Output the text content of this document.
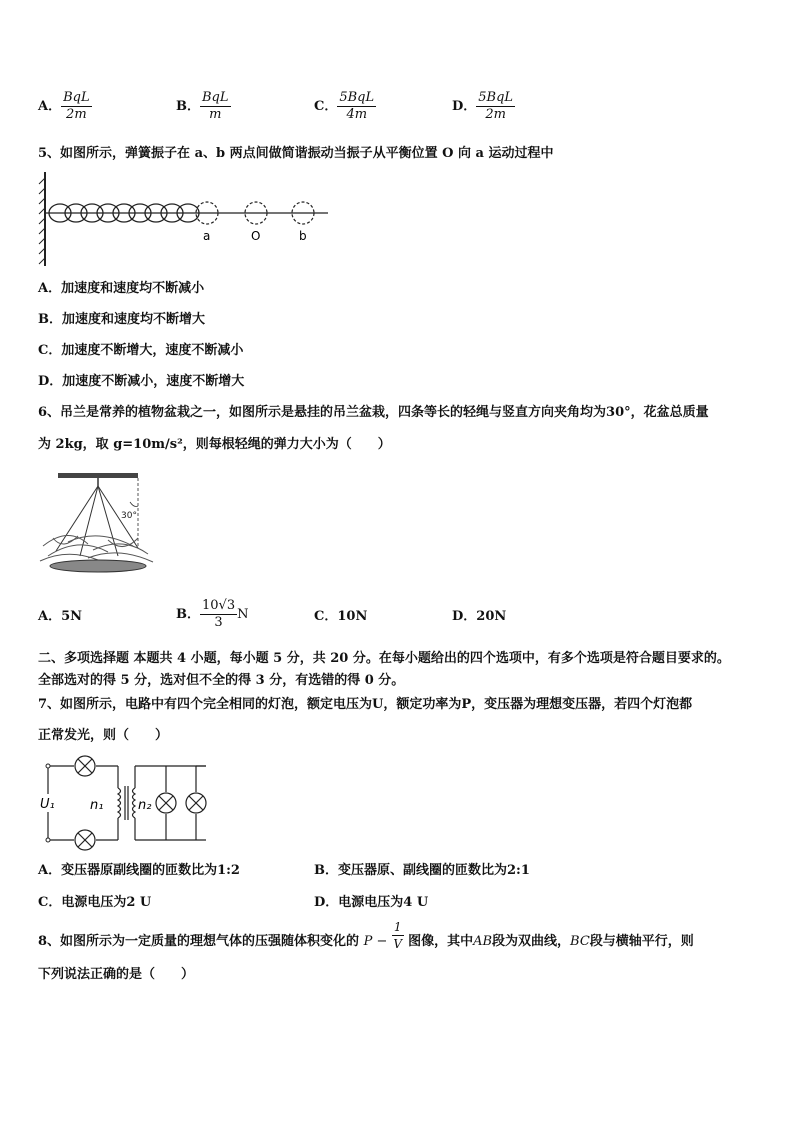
A． $\frac{\text{BqL}}{2m}$	B． $\frac{\text{BqL}}{m}$	C． $\frac{\text{5BqL}}{4m}$	D． $\frac{\text{5BqL}}{2m}$
5、如图所示，弹簧振子在 a、b 两点间做简谐振动当振子从平衡位置 O 向 a 运动过程中
a	O	b
A．加速度和速度均不断减小
B．加速度和速度均不断增大
C．加速度不断增大，速度不断减小
D．加速度不断减小，速度不断增大
6、吊兰是常养的植物盆栽之一，如图所示是悬挂的吊兰盆栽，四条等长的轻绳与竖直方向夹角均为30°，花盆总质量
为 2kg，取 g=10m/s²，则每根轻绳的弹力大小为（　　）
30°
A．5N	B． $\frac{10√3}{3}$ N	C．10N	D．20N
二、多项选择题 本题共 4 小题，每小题 5 分，共 20 分。在每小题给出的四个选项中，有多个选项是符合题目要求的。
全部选对的得 5 分，选对但不全的得 3 分，有选错的得 0 分。
7、如图所示，电路中有四个完全相同的灯泡，额定电压为U，额定功率为P，变压器为理想变压器，若四个灯泡都
正常发光，则（　　）
U₁	n₁	n₂
A．变压器原副线圈的匝数比为1:2	B．变压器原、副线圈的匝数比为2:1
C．电源电压为2 U	D．电源电压为4 U
8、如图所示为一定质量的理想气体的压强随体积变化的 $P - \frac{1}{V}$ 图像，其中AB段为双曲线，BC段与横轴平行，则
下列说法正确的是（　　）
